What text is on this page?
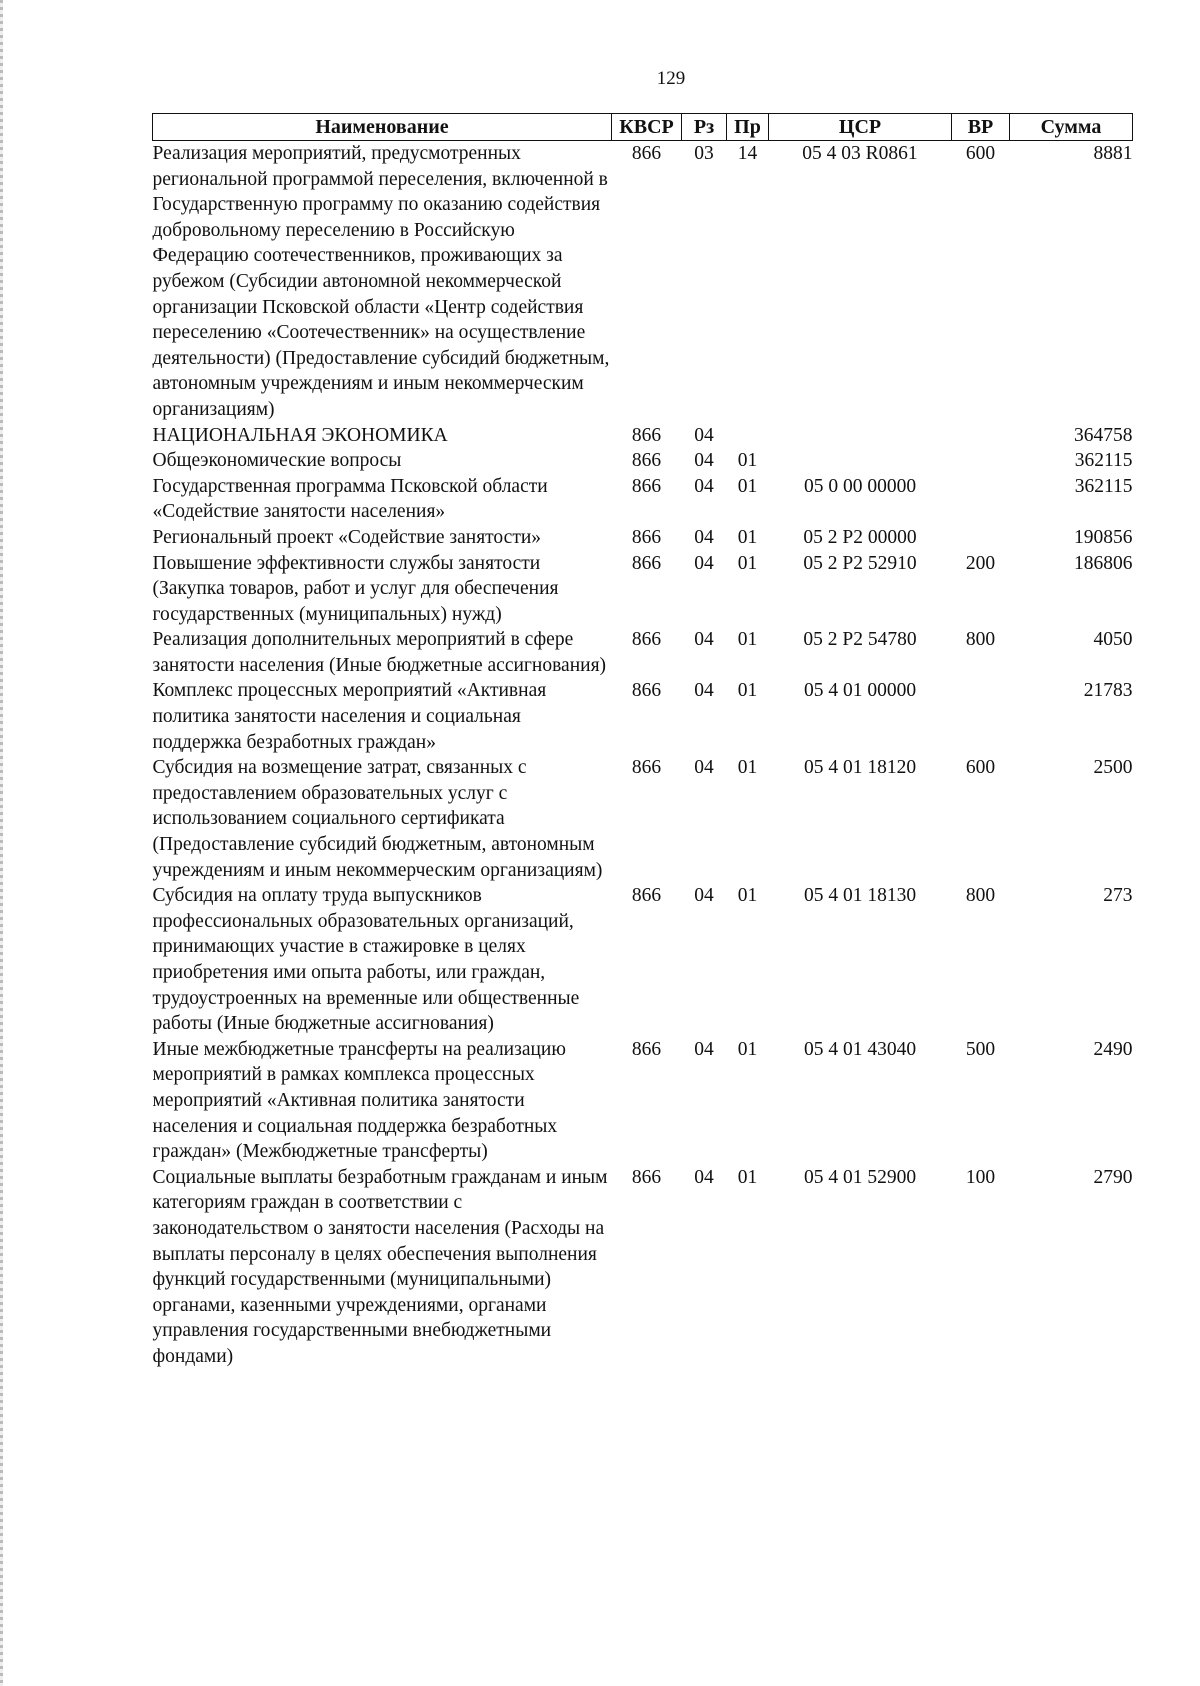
129
Наименование	КВСР	Рз	Пр	ЦСР	ВР	Сумма
Реализация мероприятий, предусмотренных региональной программой переселения, включенной в Государственную программу по оказанию содействия добровольному переселению в Российскую Федерацию соотечественников, проживающих за рубежом (Субсидии автономной некоммерческой организации Псковской области «Центр содействия переселению «Соотечественник» на осуществление деятельности) (Предоставление субсидий бюджетным, автономным учреждениям и иным некоммерческим организациям)	866	03	14	05 4 03 R0861	600	8881
НАЦИОНАЛЬНАЯ ЭКОНОМИКА	866	04				364758
Общеэкономические вопросы	866	04	01			362115
Государственная программа Псковской области «Содействие занятости населения»	866	04	01	05 0 00 00000		362115
Региональный проект «Содействие занятости»	866	04	01	05 2 Р2 00000		190856
Повышение эффективности службы занятости (Закупка товаров, работ и услуг для обеспечения государственных (муниципальных) нужд)	866	04	01	05 2 Р2 52910	200	186806
Реализация дополнительных мероприятий в сфере занятости населения (Иные бюджетные ассигнования)	866	04	01	05 2 Р2 54780	800	4050
Комплекс процессных мероприятий «Активная политика занятости населения и социальная поддержка безработных граждан»	866	04	01	05 4 01 00000		21783
Субсидия на возмещение затрат, связанных с предоставлением образовательных услуг с использованием социального сертификата (Предоставление субсидий бюджетным, автономным учреждениям и иным некоммерческим организациям)	866	04	01	05 4 01 18120	600	2500
Субсидия на оплату труда выпускников профессиональных образовательных организаций, принимающих участие в стажировке в целях приобретения ими опыта работы, или граждан, трудоустроенных на временные или общественные работы (Иные бюджетные ассигнования)	866	04	01	05 4 01 18130	800	273
Иные межбюджетные трансферты на реализацию мероприятий в рамках комплекса процессных мероприятий «Активная политика занятости населения и социальная поддержка безработных граждан» (Межбюджетные трансферты)	866	04	01	05 4 01 43040	500	2490
Социальные выплаты безработным гражданам и иным категориям граждан в соответствии с законодательством о занятости населения (Расходы на выплаты персоналу в целях обеспечения выполнения функций государственными (муниципальными) органами, казенными учреждениями, органами управления государственными внебюджетными фондами)	866	04	01	05 4 01 52900	100	2790
